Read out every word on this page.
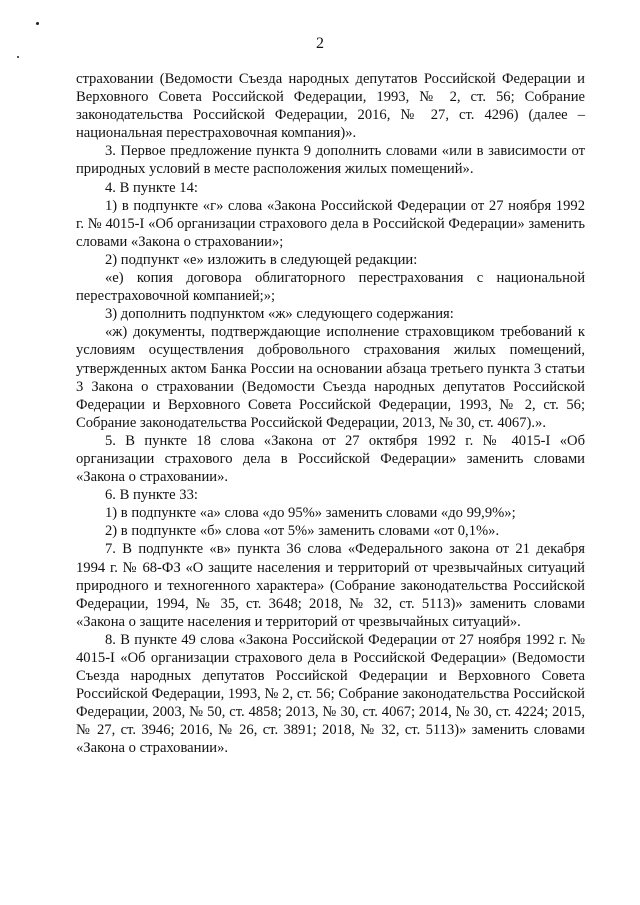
2

страховании (Ведомости Съезда народных депутатов Российской Федерации и Верховного Совета Российской Федерации, 1993, № 2, ст. 56; Собрание законодательства Российской Федерации, 2016, № 27, ст. 4296) (далее – национальная перестраховочная компания)».

3. Первое предложение пункта 9 дополнить словами «или в зависимости от природных условий в месте расположения жилых помещений».

4. В пункте 14:

1) в подпункте «г» слова «Закона Российской Федерации от 27 ноября 1992 г. № 4015-I «Об организации страхового дела в Российской Федерации» заменить словами «Закона о страховании»;

2) подпункт «е» изложить в следующей редакции:

«е) копия договора облигаторного перестрахования с национальной перестраховочной компанией;»;

3) дополнить подпунктом «ж» следующего содержания:

«ж) документы, подтверждающие исполнение страховщиком требований к условиям осуществления добровольного страхования жилых помещений, утвержденных актом Банка России на основании абзаца третьего пункта 3 статьи 3 Закона о страховании (Ведомости Съезда народных депутатов Российской Федерации и Верховного Совета Российской Федерации, 1993, № 2, ст. 56; Собрание законодательства Российской Федерации, 2013, № 30, ст. 4067).».

5. В пункте 18 слова «Закона от 27 октября 1992 г. № 4015-I «Об организации страхового дела в Российской Федерации» заменить словами «Закона о страховании».

6. В пункте 33:

1) в подпункте «а» слова «до 95%» заменить словами «до 99,9%»;

2) в подпункте «б» слова «от 5%» заменить словами «от 0,1%».

7. В подпункте «в» пункта 36 слова «Федерального закона от 21 декабря 1994 г. № 68-ФЗ «О защите населения и территорий от чрезвычайных ситуаций природного и техногенного характера» (Собрание законодательства Российской Федерации, 1994, № 35, ст. 3648; 2018, № 32, ст. 5113)» заменить словами «Закона о защите населения и территорий от чрезвычайных ситуаций».

8. В пункте 49 слова «Закона Российской Федерации от 27 ноября 1992 г. № 4015-I «Об организации страхового дела в Российской Федерации» (Ведомости Съезда народных депутатов Российской Федерации и Верховного Совета Российской Федерации, 1993, № 2, ст. 56; Собрание законодательства Российской Федерации, 2003, № 50, ст. 4858; 2013, № 30, ст. 4067; 2014, № 30, ст. 4224; 2015, № 27, ст. 3946; 2016, № 26, ст. 3891; 2018, № 32, ст. 5113)» заменить словами «Закона о страховании».
